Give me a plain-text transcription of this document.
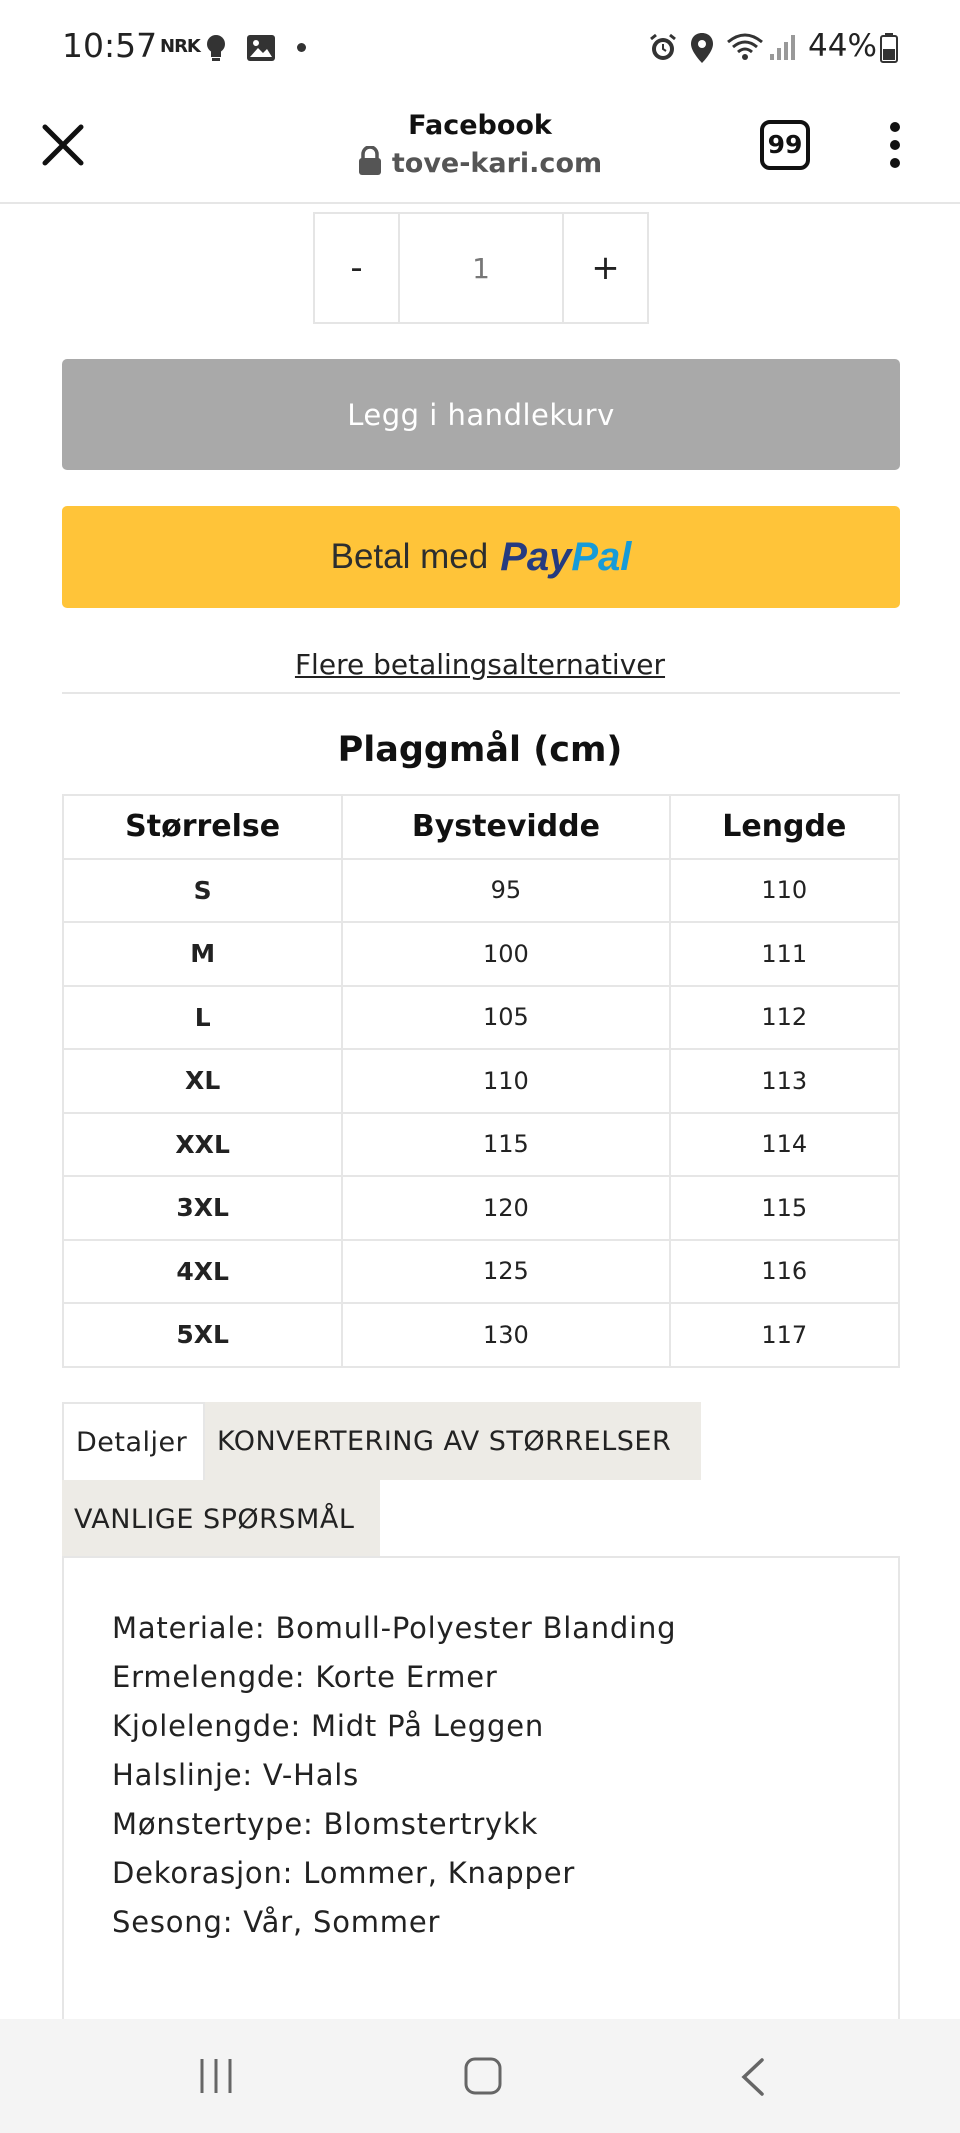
10:57 NRK	44%
Facebook
tove-kari.com
99
-	1	+
Legg i handlekurv
Betal med PayPal
Flere betalingsalternativer
Plaggmål (cm)
Størrelse	Bystevidde	Lengde
S	95	110
M	100	111
L	105	112
XL	110	113
XXL	115	114
3XL	120	115
4XL	125	116
5XL	130	117
Detaljer	KONVERTERING AV STØRRELSER
VANLIGE SPØRSMÅL

Materiale: Bomull-Polyester Blanding

Ermelengde: Korte Ermer

Kjolelengde: Midt På Leggen

Halslinje: V-Hals

Mønstertype: Blomstertrykk

Dekorasjon: Lommer, Knapper

Sesong: Vår, Sommer
